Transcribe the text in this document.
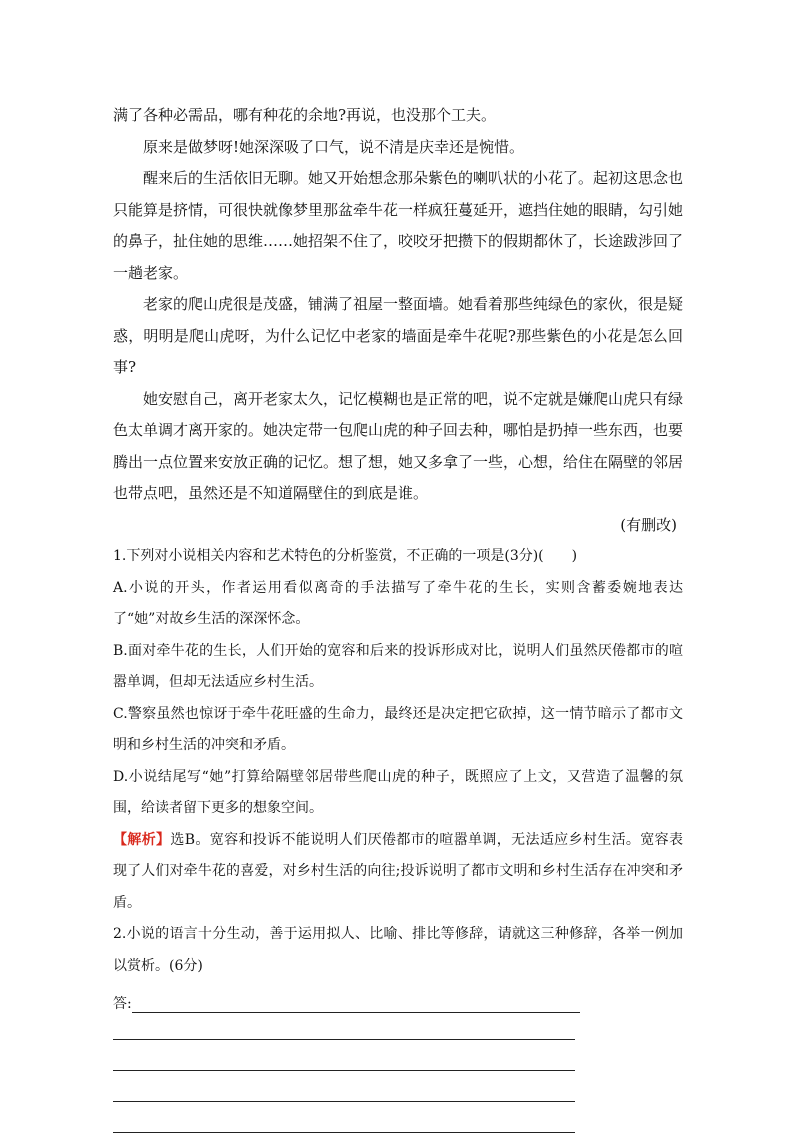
满了各种必需品，哪有种花的余地?再说，也没那个工夫。

原来是做梦呀!她深深吸了口气，说不清是庆幸还是惋惜。

醒来后的生活依旧无聊。她又开始想念那朵紫色的喇叭状的小花了。起初这思念也只能算是挤情，可很快就像梦里那盆牵牛花一样疯狂蔓延开，遮挡住她的眼睛，勾引她的鼻子，扯住她的思维……她招架不住了，咬咬牙把攒下的假期都休了，长途跋涉回了一趟老家。

老家的爬山虎很是茂盛，铺满了祖屋一整面墙。她看着那些纯绿色的家伙，很是疑惑，明明是爬山虎呀，为什么记忆中老家的墙面是牵牛花呢?那些紫色的小花是怎么回事?

她安慰自己，离开老家太久，记忆模糊也是正常的吧，说不定就是嫌爬山虎只有绿色太单调才离开家的。她决定带一包爬山虎的种子回去种，哪怕是扔掉一些东西，也要腾出一点位置来安放正确的记忆。想了想，她又多拿了一些，心想，给住在隔壁的邻居也带点吧，虽然还是不知道隔壁住的到底是谁。

(有删改)

1.下列对小说相关内容和艺术特色的分析鉴赏，不正确的一项是(3分)(　　)

A.小说的开头，作者运用看似离奇的手法描写了牵牛花的生长，实则含蓄委婉地表达了“她”对故乡生活的深深怀念。

B.面对牵牛花的生长，人们开始的宽容和后来的投诉形成对比，说明人们虽然厌倦都市的喧嚣单调，但却无法适应乡村生活。

C.警察虽然也惊讶于牵牛花旺盛的生命力，最终还是决定把它砍掉，这一情节暗示了都市文明和乡村生活的冲突和矛盾。

D.小说结尾写“她”打算给隔壁邻居带些爬山虎的种子，既照应了上文，又营造了温馨的氛围，给读者留下更多的想象空间。

【解析】选B。宽容和投诉不能说明人们厌倦都市的喧嚣单调，无法适应乡村生活。宽容表现了人们对牵牛花的喜爱，对乡村生活的向往;投诉说明了都市文明和乡村生活存在冲突和矛盾。

2.小说的语言十分生动，善于运用拟人、比喻、排比等修辞，请就这三种修辞，各举一例加以赏析。(6分)

答:
